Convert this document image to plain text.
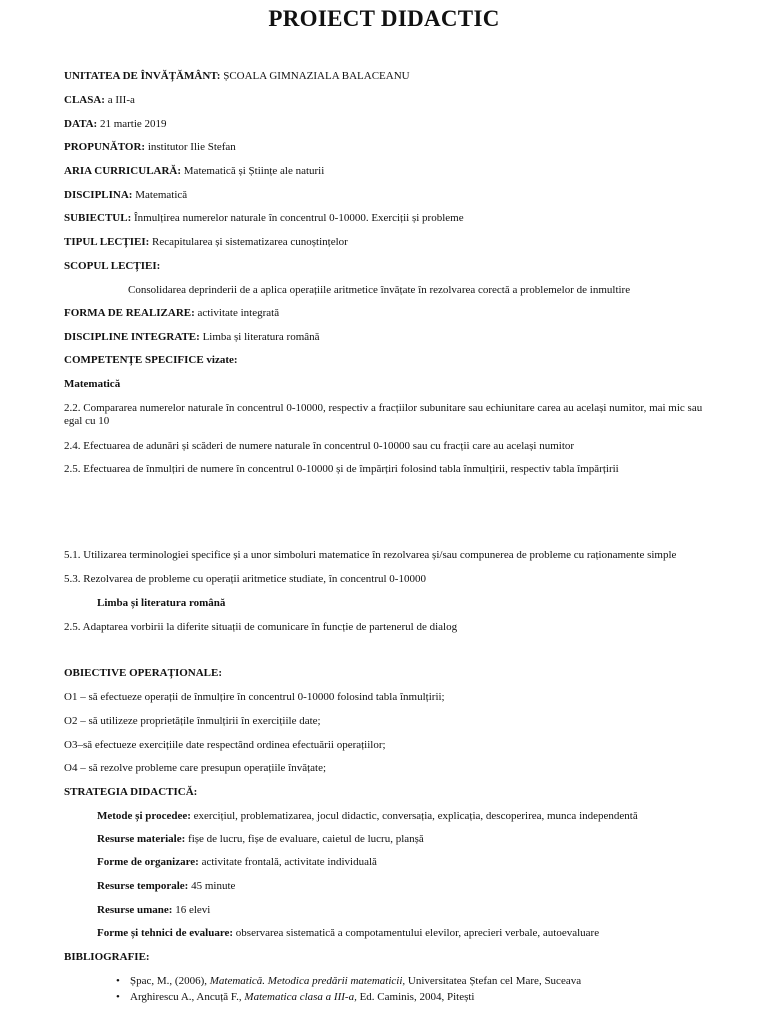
PROIECT DIDACTIC
UNITATEA DE ÎNVĂȚĂMÂNT: ȘCOALA GIMNAZIALA BALACEANU
CLASA: a III-a
DATA: 21 martie 2019
PROPUNĂTOR: institutor Ilie Stefan
ARIA CURRICULARĂ: Matematică și Științe ale naturii
DISCIPLINA: Matematică
SUBIECTUL: Înmulțirea numerelor naturale în concentrul 0-10000. Exerciții și probleme
TIPUL LECȚIEI: Recapitularea și sistematizarea cunoștințelor
SCOPUL LECȚIEI:
Consolidarea deprinderii de a aplica operațiile aritmetice învățate în rezolvarea corectă a problemelor de inmultire
FORMA DE REALIZARE: activitate integrată
DISCIPLINE INTEGRATE: Limba și literatura română
COMPETENȚE SPECIFICE vizate:
Matematică
2.2. Compararea numerelor naturale în concentrul 0-10000, respectiv a fracțiilor subunitare sau echiunitare carea au același numitor, mai mic sau egal cu 10
2.4. Efectuarea de adunări și scăderi de numere naturale în concentrul 0-10000 sau cu fracții care au același numitor
2.5. Efectuarea de înmulțiri de numere în concentrul 0-10000 și de împărțiri folosind tabla înmulțirii, respectiv tabla împărțirii
5.1. Utilizarea terminologiei specifice și a unor simboluri matematice în rezolvarea și/sau compunerea de probleme cu raționamente simple
5.3. Rezolvarea de probleme cu operații aritmetice studiate, în concentrul 0-10000
Limba și literatura română
2.5. Adaptarea vorbirii la diferite situații de comunicare în funcție de partenerul de dialog
OBIECTIVE OPERAȚIONALE:
O1 – să efectueze operații de înmulțire în concentrul 0-10000 folosind tabla înmulțirii;
O2 – să utilizeze proprietățile înmulțirii în exercițiile date;
O3–să efectueze exercițiile date respectând ordinea efectuării operațiilor;
O4 – să rezolve probleme care presupun operațiile învățate;
STRATEGIA DIDACTICĂ:
Metode și procedee: exercițiul, problematizarea, jocul didactic, conversația, explicația, descoperirea, munca independentă
Resurse materiale: fișe de lucru, fișe de evaluare, caietul de lucru, planșă
Forme de organizare: activitate frontală, activitate individuală
Resurse temporale: 45 minute
Resurse umane: 16 elevi
Forme și tehnici de evaluare: observarea sistematică a compotamentului elevilor, aprecieri verbale, autoevaluare
BIBLIOGRAFIE:
• Șpac, M., (2006), Matematică. Metodica predării matematicii, Universitatea Ștefan cel Mare, Suceava
• Arghirescu A., Ancuță F., Matematica clasa a III-a, Ed. Caminis, 2004, Pitești
